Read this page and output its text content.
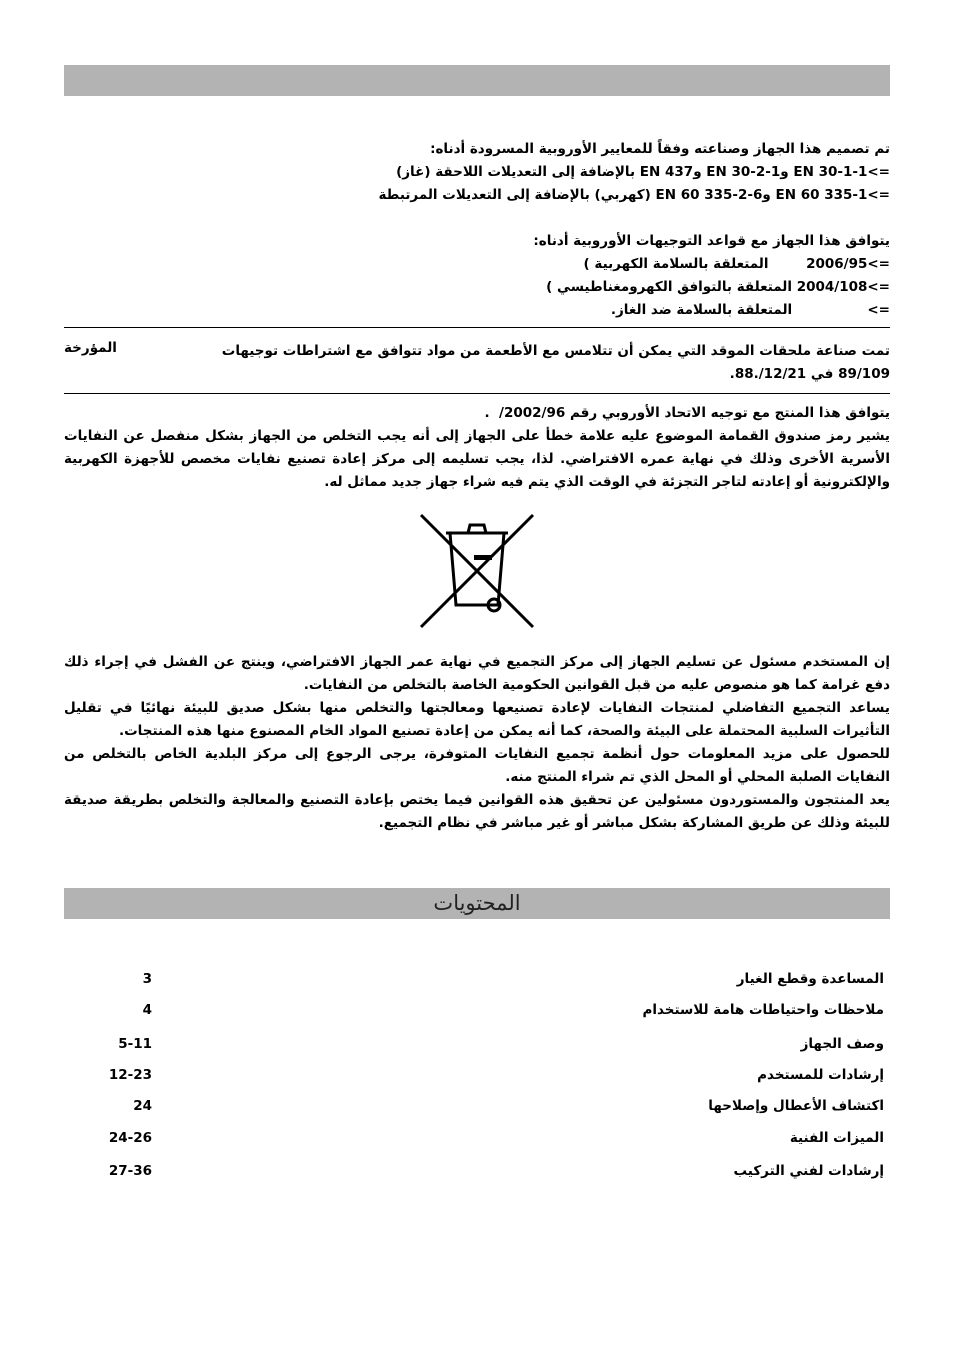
تم تصميم هذا الجهاز وصناعته وفقاً للمعايير الأوروبية المسرودة أدناه:
=>EN 30-1-1 وEN 30-2-1 وEN 437 بالإضافة إلى التعديلات اللاحقة (غاز)
=>EN 60 335-1 وEN 60 335-2-6 (كهربي) بالإضافة إلى التعديلات المرتبطة
يتوافق هذا الجهاز مع قواعد التوجيهات الأوروبية أدناه:
=>2006/95        المتعلقة بالسلامة الكهربية )
=>2004/108 المتعلقة بالتوافق الكهرومغناطيسي )
=>                المتعلقة بالسلامة ضد الغاز.
تمت صناعة ملحقات الموقد التي يمكن أن تتلامس مع الأطعمة من مواد تتوافق مع اشتراطات توجيهات 89/109 في 12/21/.88.
المؤرخة
يتوافق هذا المنتج مع توجيه الاتحاد الأوروبي رقم 2002/96/  .
يشير رمز صندوق القمامة الموضوع عليه علامة خطأ على الجهاز إلى أنه يجب التخلص من الجهاز بشكل منفصل عن النفايات الأسرية الأخرى وذلك في نهاية عمره الافتراضي. لذا، يجب تسليمه إلى مركز إعادة تصنيع نفايات مخصص للأجهزة الكهربية والإلكترونية أو إعادته لتاجر التجزئة في الوقت الذي يتم فيه شراء جهاز جديد مماثل له.
إن المستخدم مسئول عن تسليم الجهاز إلى مركز التجميع في نهاية عمر الجهاز الافتراضي، وينتج عن الفشل في إجراء ذلك دفع غرامة كما هو منصوص عليه من قبل القوانين الحكومية الخاصة بالتخلص من النفايات.
يساعد التجميع التفاضلي لمنتجات النفايات لإعادة تصنيعها ومعالجتها والتخلص منها بشكل صديق للبيئة نهائيًا في تقليل التأثيرات السلبية المحتملة على البيئة والصحة، كما أنه يمكن من إعادة تصنيع المواد الخام المصنوع منها هذه المنتجات.
للحصول على مزيد المعلومات حول أنظمة تجميع النفايات المتوفرة، يرجى الرجوع إلى مركز البلدية الخاص بالتخلص من النفايات الصلبة المحلي أو المحل الذي تم شراء المنتج منه.
يعد المنتجون والمستوردون مسئولين عن تحقيق هذه القوانين فيما يختص بإعادة التصنيع والمعالجة والتخلص بطريقة صديقة للبيئة وذلك عن طريق المشاركة بشكل مباشر أو غير مباشر في نظام التجميع.
المحتويات
المساعدة وقطع الغيار
3
ملاحظات واحتياطات هامة للاستخدام
4
وصف الجهاز
5-11
إرشادات للمستخدم
12-23
اكتشاف الأعطال وإصلاحها
24
الميزات الفنية
24-26
إرشادات لفني التركيب
27-36
